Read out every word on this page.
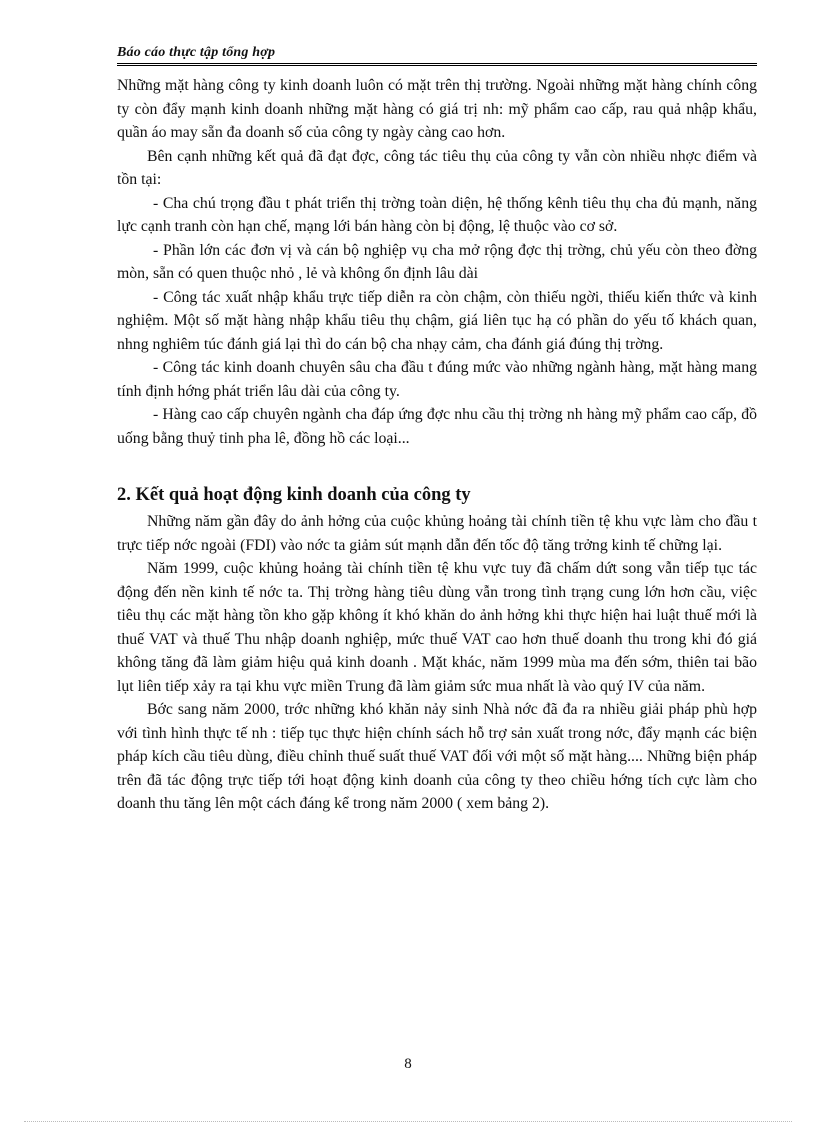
Báo cáo thực tập tổng hợp

Những mặt hàng công ty kinh doanh luôn có mặt trên thị trường. Ngoài những mặt hàng chính công ty còn đẩy mạnh kinh doanh những mặt hàng có giá trị nh: mỹ phẩm cao cấp, rau quả nhập khẩu, quần áo may sẵn đa doanh số của công ty ngày càng cao hơn.

Bên cạnh những kết quả đã đạt đợc, công tác tiêu thụ của công ty vẫn còn nhiều nhợc điểm và tồn tại:

- Cha chú trọng đầu t phát triển thị trờng toàn diện, hệ thống kênh tiêu thụ cha đủ mạnh, năng lực cạnh tranh còn hạn chế, mạng lới bán hàng còn bị động, lệ thuộc vào cơ sở.

- Phần lớn các đơn vị và cán bộ nghiệp vụ cha mở rộng đợc thị trờng, chủ yếu còn theo đờng mòn, sẵn có quen thuộc nhỏ , lẻ và không ổn định lâu dài

- Công tác xuất nhập khẩu trực tiếp diễn ra còn chậm, còn thiếu ngời, thiếu kiến thức và kinh nghiệm. Một số mặt hàng nhập khẩu tiêu thụ chậm, giá liên tục hạ có phần do yếu tố khách quan, nhng nghiêm túc đánh giá lại thì do cán bộ cha nhạy cảm, cha đánh giá đúng thị trờng.

- Công tác kinh doanh chuyên sâu cha đầu t đúng mức vào những ngành hàng, mặt hàng mang tính định hớng phát triển lâu dài của công ty.

- Hàng cao cấp chuyên ngành cha đáp ứng đợc nhu cầu thị trờng nh hàng mỹ phẩm cao cấp, đồ uống bằng thuỷ tinh pha lê, đồng hồ các loại...

2. Kết quả hoạt động kinh doanh của công ty

Những năm gần đây do ảnh hởng của cuộc khủng hoảng tài chính tiền tệ khu vực làm cho đầu t trực tiếp nớc ngoài (FDI) vào nớc ta giảm sút mạnh dẫn đến tốc độ tăng trởng kinh tế chững lại.

Năm 1999, cuộc khủng hoảng tài chính tiền tệ khu vực tuy đã chấm dứt song vẫn tiếp tục tác động đến nền kinh tế nớc ta. Thị trờng hàng tiêu dùng vẫn trong tình trạng cung lớn hơn cầu, việc tiêu thụ các mặt hàng tồn kho gặp không ít khó khăn do ảnh hởng khi thực hiện hai luật thuế mới là thuế VAT và thuế Thu nhập doanh nghiệp, mức thuế VAT cao hơn thuế doanh thu trong khi đó giá không tăng đã làm giảm hiệu quả kinh doanh . Mặt khác, năm 1999 mùa ma đến sớm, thiên tai bão lụt liên tiếp xảy ra tại khu vực miền Trung đã làm giảm sức mua nhất là vào quý IV của năm.

Bớc sang năm 2000, trớc những khó khăn nảy sinh Nhà nớc đã đa ra nhiều giải pháp phù hợp với tình hình thực tế nh : tiếp tục thực hiện chính sách hỗ trợ sản xuất trong nớc, đẩy mạnh các biện pháp kích cầu tiêu dùng, điều chỉnh thuế suất thuế VAT đối với một số mặt hàng.... Những biện pháp trên đã tác động trực tiếp tới hoạt động kinh doanh của công ty theo chiều hớng tích cực làm cho doanh thu tăng lên một cách đáng kể trong năm 2000 ( xem bảng 2).

8
